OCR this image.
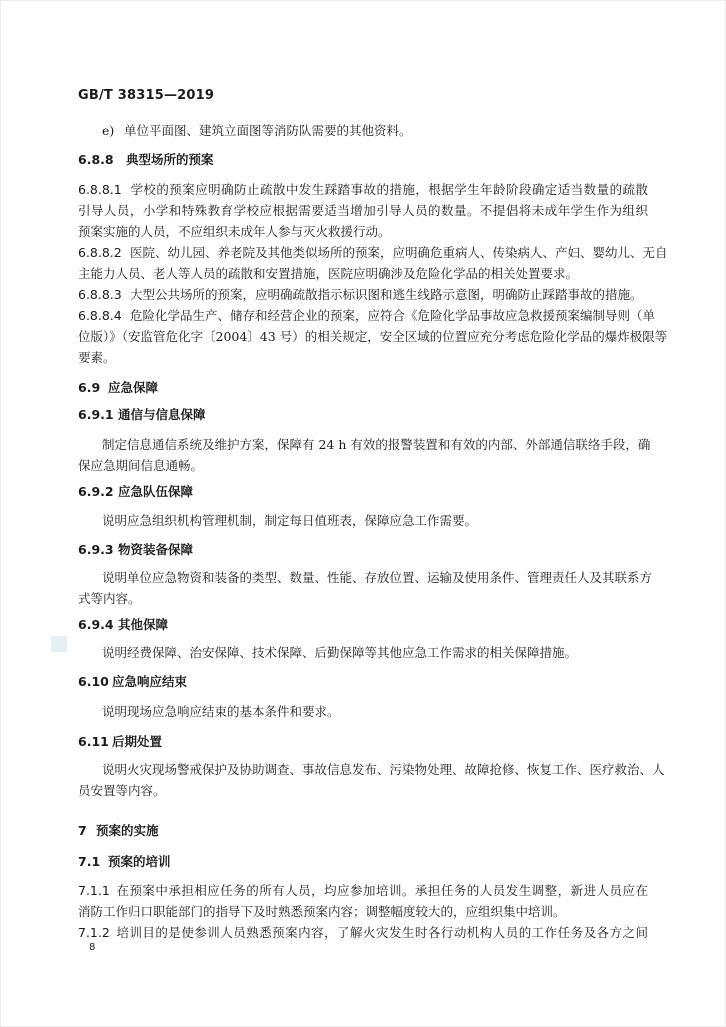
GB/T 38315—2019
e) 单位平面图、建筑立面图等消防队需要的其他资料。
6.8.8 典型场所的预案
6.8.8.1 学校的预案应明确防止疏散中发生踩踏事故的措施，根据学生年龄阶段确定适当数量的疏散
引导人员，小学和特殊教育学校应根据需要适当增加引导人员的数量。不提倡将未成年学生作为组织
预案实施的人员，不应组织未成年人参与灭火救援行动。
6.8.8.2 医院、幼儿园、养老院及其他类似场所的预案，应明确危重病人、传染病人、产妇、婴幼儿、无自
主能力人员、老人等人员的疏散和安置措施，医院应明确涉及危险化学品的相关处置要求。
6.8.8.3 大型公共场所的预案，应明确疏散指示标识图和逃生线路示意图，明确防止踩踏事故的措施。
6.8.8.4 危险化学品生产、储存和经营企业的预案，应符合《危险化学品事故应急救援预案编制导则（单
位版）》（安监管危化字〔2004〕43 号）的相关规定，安全区域的位置应充分考虑危险化学品的爆炸极限等
要素。
6.9 应急保障
6.9.1 通信与信息保障
制定信息通信系统及维护方案，保障有 24 h 有效的报警装置和有效的内部、外部通信联络手段，确
保应急期间信息通畅。
6.9.2 应急队伍保障
说明应急组织机构管理机制，制定每日值班表，保障应急工作需要。
6.9.3 物资装备保障
说明单位应急物资和装备的类型、数量、性能、存放位置、运输及使用条件、管理责任人及其联系方
式等内容。
6.9.4 其他保障
说明经费保障、治安保障、技术保障、后勤保障等其他应急工作需求的相关保障措施。
6.10 应急响应结束
说明现场应急响应结束的基本条件和要求。
6.11 后期处置
说明火灾现场警戒保护及协助调查、事故信息发布、污染物处理、故障抢修、恢复工作、医疗救治、人
员安置等内容。
7 预案的实施
7.1 预案的培训
7.1.1 在预案中承担相应任务的所有人员，均应参加培训。承担任务的人员发生调整，新进人员应在
消防工作归口职能部门的指导下及时熟悉预案内容；调整幅度较大的，应组织集中培训。
7.1.2 培训目的是使参训人员熟悉预案内容，了解火灾发生时各行动机构人员的工作任务及各方之间
8
